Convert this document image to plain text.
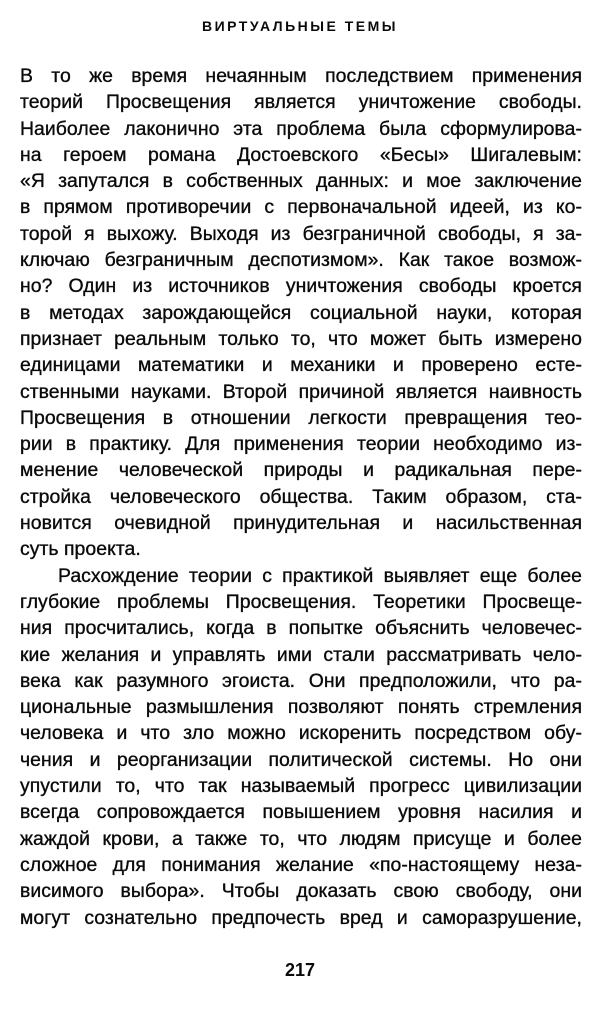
ВИРТУАЛЬНЫЕ ТЕМЫ
В то же время нечаянным последствием применения
теорий Просвещения является уничтожение свободы.
Наиболее лаконично эта проблема была сформулирова-
на героем романа Достоевского «Бесы» Шигалевым:
«Я запутался в собственных данных: и мое заключение
в прямом противоречии с первоначальной идеей, из ко-
торой я выхожу. Выходя из безграничной свободы, я за-
ключаю безграничным деспотизмом». Как такое возмож-
но? Один из источников уничтожения свободы кроется
в методах зарождающейся социальной науки, которая
признает реальным только то, что может быть измерено
единицами математики и механики и проверено есте-
ственными науками. Второй причиной является наивность
Просвещения в отношении легкости превращения тео-
рии в практику. Для применения теории необходимо из-
менение человеческой природы и радикальная пере-
стройка человеческого общества. Таким образом, ста-
новится очевидной принудительная и насильственная
суть проекта.
Расхождение теории с практикой выявляет еще более
глубокие проблемы Просвещения. Теоретики Просвеще-
ния просчитались, когда в попытке объяснить человечес-
кие желания и управлять ими стали рассматривать чело-
века как разумного эгоиста. Они предположили, что ра-
циональные размышления позволяют понять стремления
человека и что зло можно искоренить посредством обу-
чения и реорганизации политической системы. Но они
упустили то, что так называемый прогресс цивилизации
всегда сопровождается повышением уровня насилия и
жаждой крови, а также то, что людям присуще и более
сложное для понимания желание «по-настоящему неза-
висимого выбора». Чтобы доказать свою свободу, они
могут сознательно предпочесть вред и саморазрушение,
217
